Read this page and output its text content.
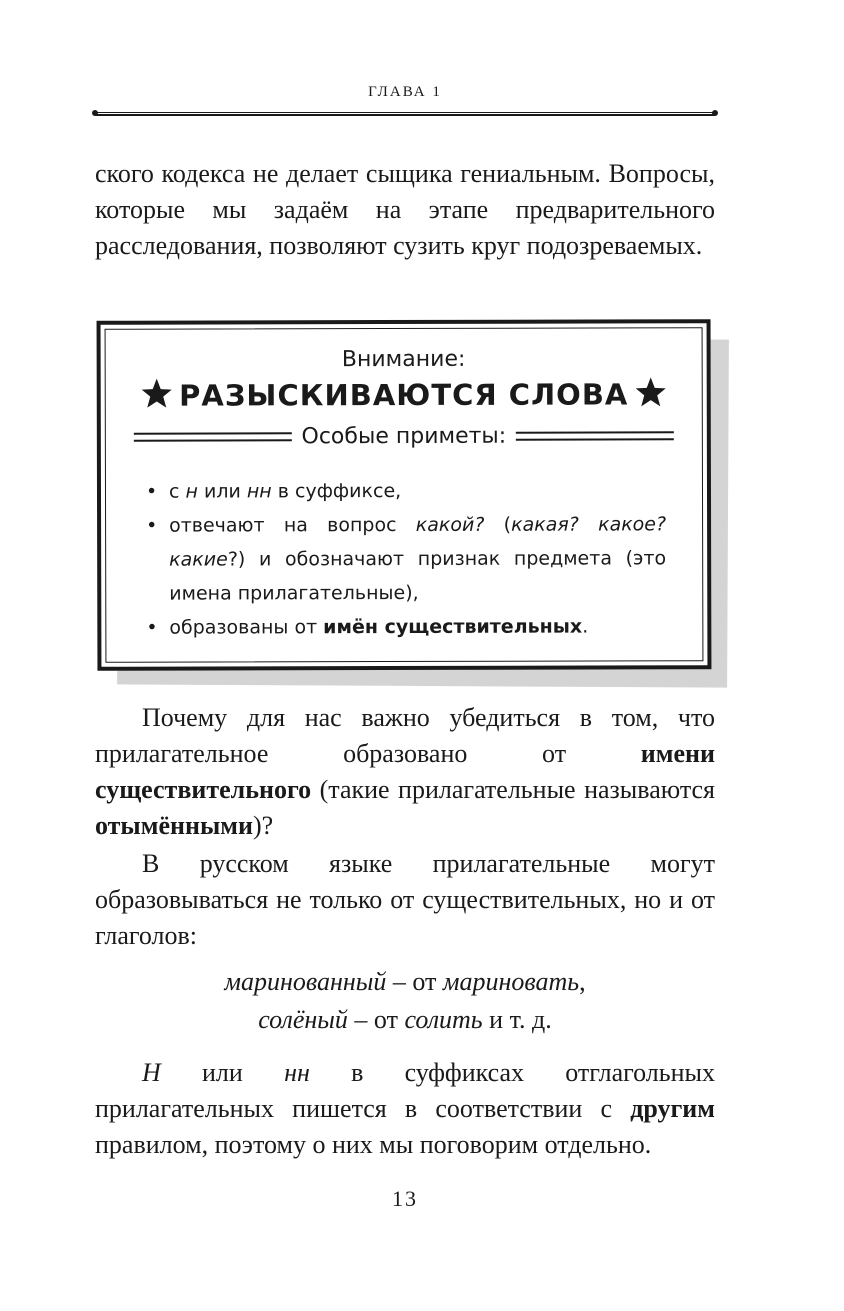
ГЛАВА 1

ского кодекса не делает сыщика гениальным. Вопросы, которые мы задаём на этапе предварительного расследования, позволяют сузить круг подозреваемых.

Внимание:
РАЗЫСКИВАЮТСЯ СЛОВА
Особые приметы:
• с н или нн в суффиксе,
• отвечают на вопрос какой? (какая? какое? какие?) и обозначают признак предмета (это имена прилагательные),
• образованы от имён существительных.

Почему для нас важно убедиться в том, что прилагательное образовано от имени существительного (такие прилагательные называются отымёнными)?

В русском языке прилагательные могут образовываться не только от существительных, но и от глаголов:

маринованный – от мариновать,
солёный – от солить и т. д.

Н или нн в суффиксах отглагольных прилагательных пишется в соответствии с другим правилом, поэтому о них мы поговорим отдельно.

13
